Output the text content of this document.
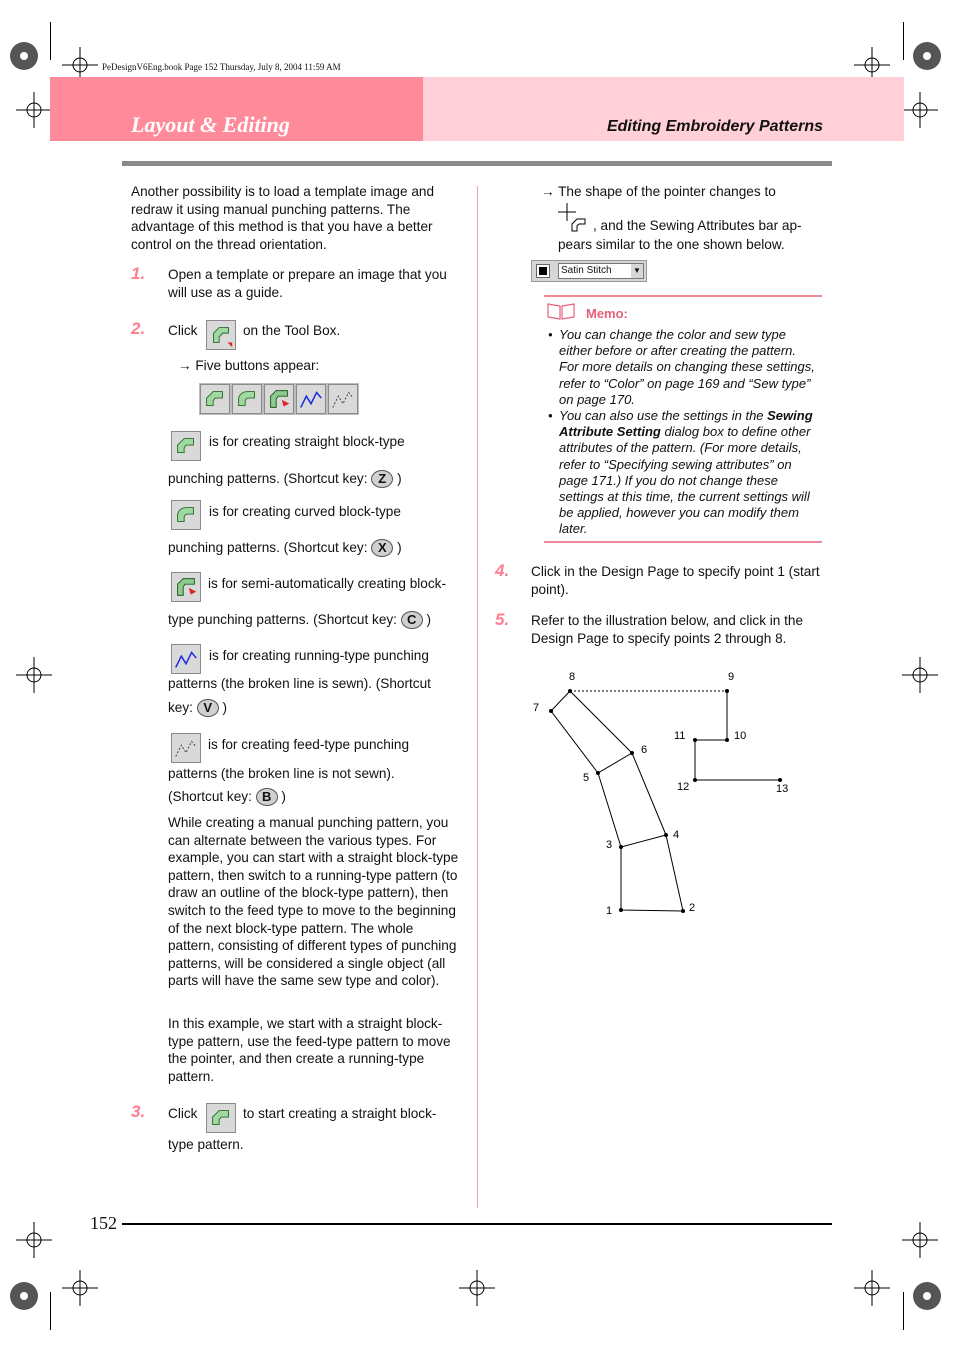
PeDesignV6Eng.book Page 152 Thursday, July 8, 2004 11:59 AM
Layout & Editing	Editing Embroidery Patterns
Another possibility is to load a template image and redraw it using manual punching patterns. The advantage of this method is that you have a better control on the thread orientation.
1. Open a template or prepare an image that you will use as a guide.
2. Click	on the Tool Box.
→ Five buttons appear:
is for creating straight block-type
punching patterns. (Shortcut key: Z )
is for creating curved block-type
punching patterns. (Shortcut key: X )
is for semi-automatically creating block-
type punching patterns. (Shortcut key: C )
is for creating running-type punching
patterns (the broken line is sewn). (Shortcut
key: V )
is for creating feed-type punching
patterns (the broken line is not sewn).
(Shortcut key: B )
While creating a manual punching pattern, you can alternate between the various types. For example, you can start with a straight block-type pattern, then switch to a running-type pattern (to draw an outline of the block-type pattern), then switch to the feed type to move to the beginning of the next block-type pattern. The whole pattern, consisting of different types of punching patterns, will be considered a single object (all parts will have the same sew type and color).
In this example, we start with a straight block-type pattern, use the feed-type pattern to move the pointer, and then create a running-type pattern.
3. Click	to start creating a straight block-
type pattern.
→ The shape of the pointer changes to
, and the Sewing Attributes bar ap-
pears similar to the one shown below.
Satin Stitch	▼
Memo:
• You can change the color and sew type either before or after creating the pattern. For more details on changing these settings, refer to “Color” on page 169 and “Sew type” on page 170.
• You can also use the settings in the Sewing Attribute Setting dialog box to define other attributes of the pattern. (For more details, refer to “Specifying sewing attributes” on page 171.) If you do not change these settings at this time, the current settings will be applied, however you can modify them later.
4. Click in the Design Page to specify point 1 (start point).
5. Refer to the illustration below, and click in the Design Page to specify points 2 through 8.
1	2
3
4
5
6
7
8	9
10
11
12	13
152
